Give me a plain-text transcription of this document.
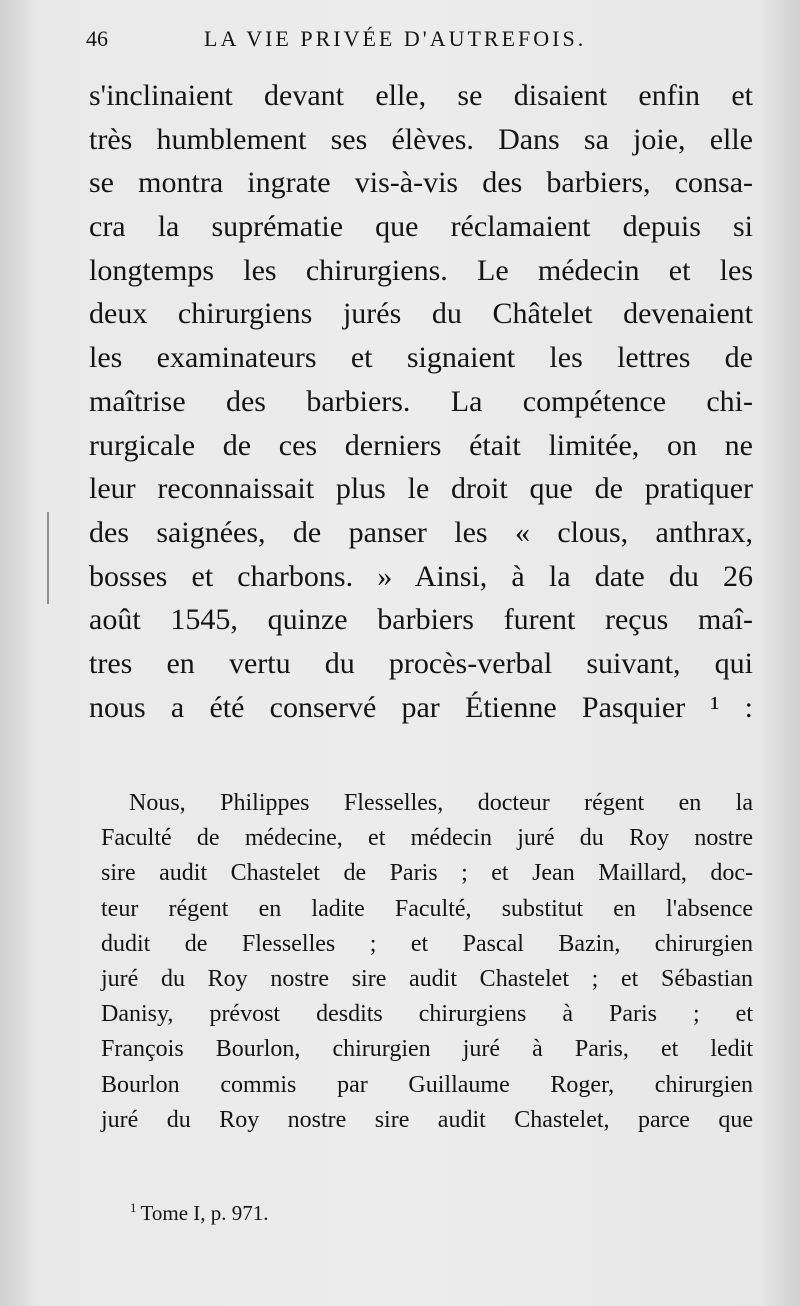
46	LA VIE PRIVÉE D'AUTREFOIS.
s'inclinaient devant elle, se disaient enfin et
très humblement ses élèves. Dans sa joie, elle
se montra ingrate vis-à-vis des barbiers, consa-
cra la suprématie que réclamaient depuis si
longtemps les chirurgiens. Le médecin et les
deux chirurgiens jurés du Châtelet devenaient
les examinateurs et signaient les lettres de
maîtrise des barbiers. La compétence chi-
rurgicale de ces derniers était limitée, on ne
leur reconnaissait plus le droit que de pratiquer
des saignées, de panser les « clous, anthrax,
bosses et charbons. » Ainsi, à la date du 26
août 1545, quinze barbiers furent reçus maî-
tres en vertu du procès-verbal suivant, qui
nous a été conservé par Étienne Pasquier ¹ :
Nous, Philippes Flesselles, docteur régent en la
Faculté de médecine, et médecin juré du Roy nostre
sire audit Chastelet de Paris ; et Jean Maillard, doc-
teur régent en ladite Faculté, substitut en l'absence
dudit de Flesselles ; et Pascal Bazin, chirurgien
juré du Roy nostre sire audit Chastelet ; et Sébastian
Danisy, prévost desdits chirurgiens à Paris ; et
François Bourlon, chirurgien juré à Paris, et ledit
Bourlon commis par Guillaume Roger, chirurgien
juré du Roy nostre sire audit Chastelet, parce que
$^1$ Tome I, p. 971.
